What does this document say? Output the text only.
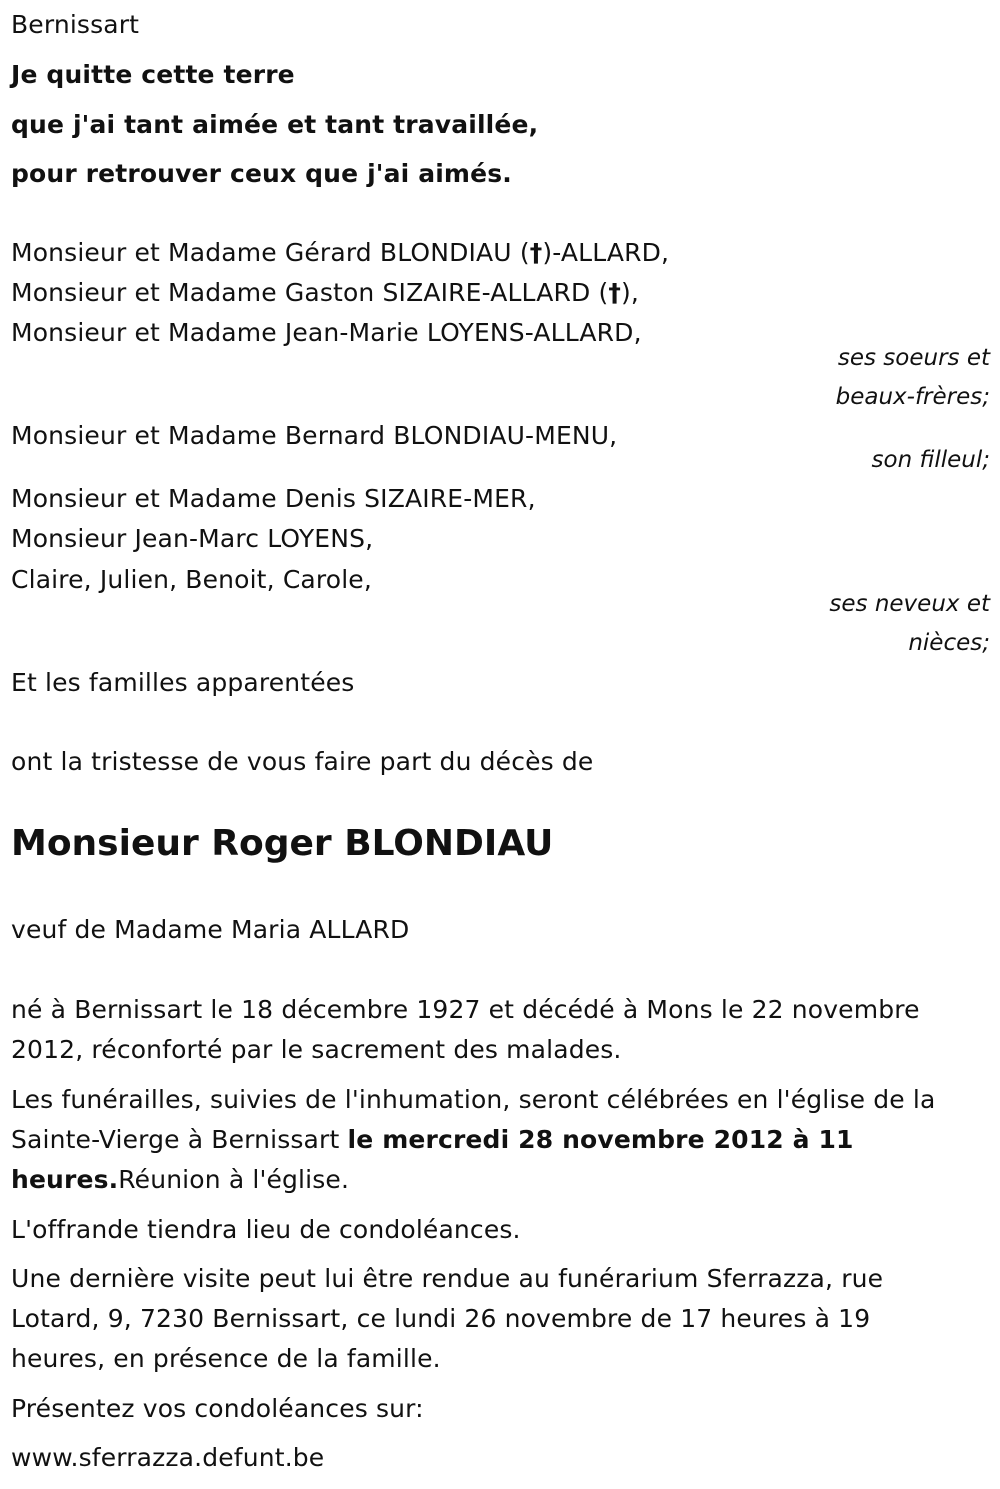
Bernissart
Je quitte cette terre
que j'ai tant aimée et tant travaillée,
pour retrouver ceux que j'ai aimés.
Monsieur et Madame Gérard BLONDIAU (†)-ALLARD,
Monsieur et Madame Gaston SIZAIRE-ALLARD (†),
Monsieur et Madame Jean-Marie LOYENS-ALLARD,
ses soeurs et
beaux-frères;
Monsieur et Madame Bernard BLONDIAU-MENU,
son filleul;
Monsieur et Madame Denis SIZAIRE-MER,
Monsieur Jean-Marc LOYENS,
Claire, Julien, Benoit, Carole,
ses neveux et
nièces;
Et les familles apparentées
ont la tristesse de vous faire part du décès de
Monsieur Roger BLONDIAU
veuf de Madame Maria ALLARD
né à Bernissart le 18 décembre 1927 et décédé à Mons le 22 novembre
2012, réconforté par le sacrement des malades.
Les funérailles, suivies de l'inhumation, seront célébrées en l'église de la
Sainte-Vierge à Bernissart le mercredi 28 novembre 2012 à 11
heures.Réunion à l'église.
L'offrande tiendra lieu de condoléances.
Une dernière visite peut lui être rendue au funérarium Sferrazza, rue
Lotard, 9, 7230 Bernissart, ce lundi 26 novembre de 17 heures à 19
heures, en présence de la famille.
Présentez vos condoléances sur:
www.sferrazza.defunt.be
